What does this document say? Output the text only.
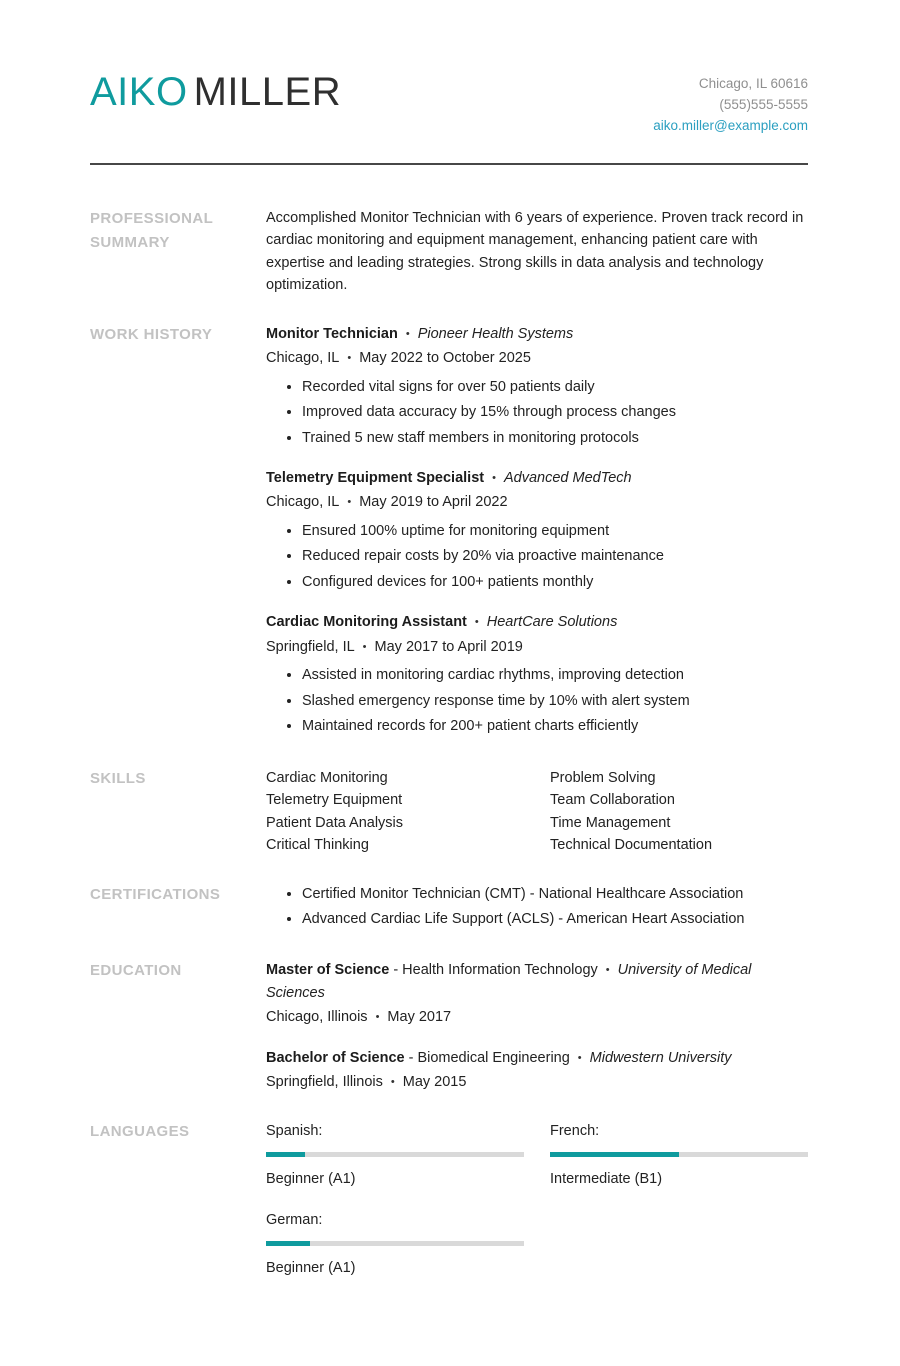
AIKO MILLER	Chicago, IL 60616
(555)555-5555
aiko.miller@example.com
PROFESSIONAL SUMMARY

Accomplished Monitor Technician with 6 years of experience. Proven track record in cardiac monitoring and equipment management, enhancing patient care with expertise and leading strategies. Strong skills in data analysis and technology optimization.

WORK HISTORY	Monitor Technician • Pioneer Health Systems
Chicago, IL • May 2022 to October 2025
• Recorded vital signs for over 50 patients daily
• Improved data accuracy by 15% through process changes
• Trained 5 new staff members in monitoring protocols
Telemetry Equipment Specialist • Advanced MedTech
Chicago, IL • May 2019 to April 2022
• Ensured 100% uptime for monitoring equipment
• Reduced repair costs by 20% via proactive maintenance
• Configured devices for 100+ patients monthly
Cardiac Monitoring Assistant • HeartCare Solutions
Springfield, IL • May 2017 to April 2019
• Assisted in monitoring cardiac rhythms, improving detection
• Slashed emergency response time by 10% with alert system
• Maintained records for 200+ patient charts efficiently
SKILLS	Cardiac Monitoring
Telemetry Equipment
Patient Data Analysis
Critical Thinking
Problem Solving
Team Collaboration
Time Management
Technical Documentation
CERTIFICATIONS	• Certified Monitor Technician (CMT) - National Healthcare Association
• Advanced Cardiac Life Support (ACLS) - American Heart Association
EDUCATION	Master of Science - Health Information Technology • University of Medical Sciences
Chicago, Illinois • May 2017
Bachelor of Science - Biomedical Engineering • Midwestern University
Springfield, Illinois • May 2015
LANGUAGES	Spanish:
Beginner (A1)
French:
Intermediate (B1)
German:
Beginner (A1)
